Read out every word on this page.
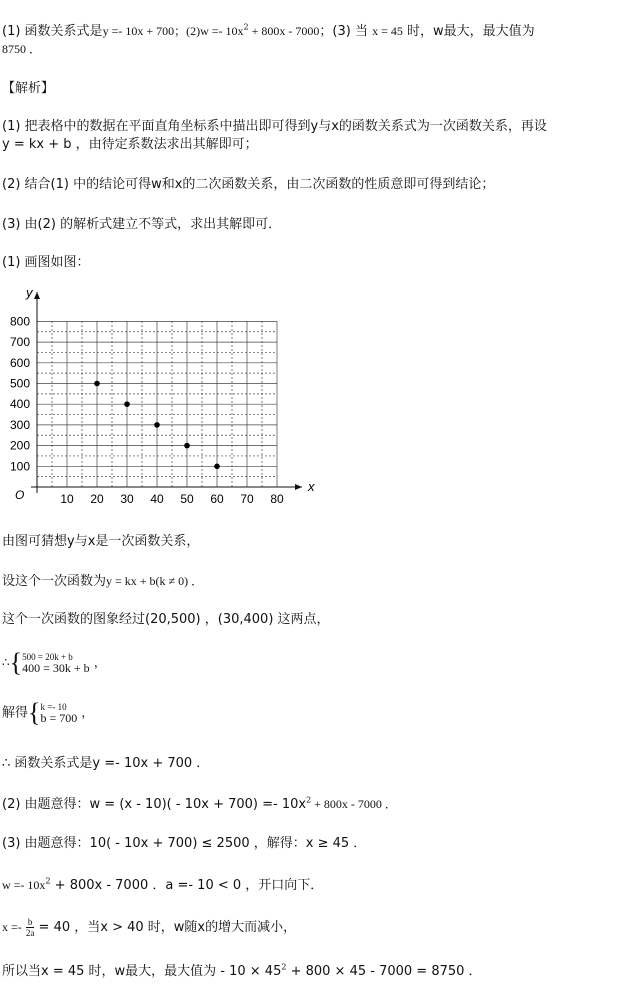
(1) 函数关系式是y =- 10x + 700；$(2)w =- 10x^2 + 800x - 7000$；(3) 当 x = 45 时，w最大，最大值为
8750 ．
【解析】
(1) 把表格中的数据在平面直角坐标系中描出即可得到y与x的函数关系式为一次函数关系，再设
y = kx + b ，由待定系数法求出其解即可；
(2) 结合(1) 中的结论可得w和x的二次函数关系，由二次函数的性质意即可得到结论；
(3) 由(2) 的解析式建立不等式，求出其解即可．
(1) 画图如图：
x
y
O	10 20 30 40 50 60 70 80
100
200
300
400
500
600
700
800
由图可猜想y与x是一次函数关系，
设这个一次函数为y = kx + b(k ≠ 0) ．
这个一次函数的图象经过(20,500) ，(30,400) 这两点，
∴{ 500 = 20k + b
400 = 30k + b ，
解得{ k =- 10
b = 700 ，
∴ 函数关系式是y =- 10x + 700 ．
(2) 由题意得：$w = (x - 10)( - 10x + 700) =- 10x^2 + 800x - 7000$ ．
(3) 由题意得：10( - 10x + 700) ≤ 2500 ，解得：x ≥ 45 ．
$w =- 10x^2 + 800x - 7000$ ．a =- 10 < 0 ，开口向下．
$x =- \frac{b}{2a} = 40$ ，当x > 40 时，w随x的增大而减小，
所以当x = 45 时，w最大，最大值为 - $10 \times 45^2 + 800 \times 45 - 7000 = 8750$ ．
